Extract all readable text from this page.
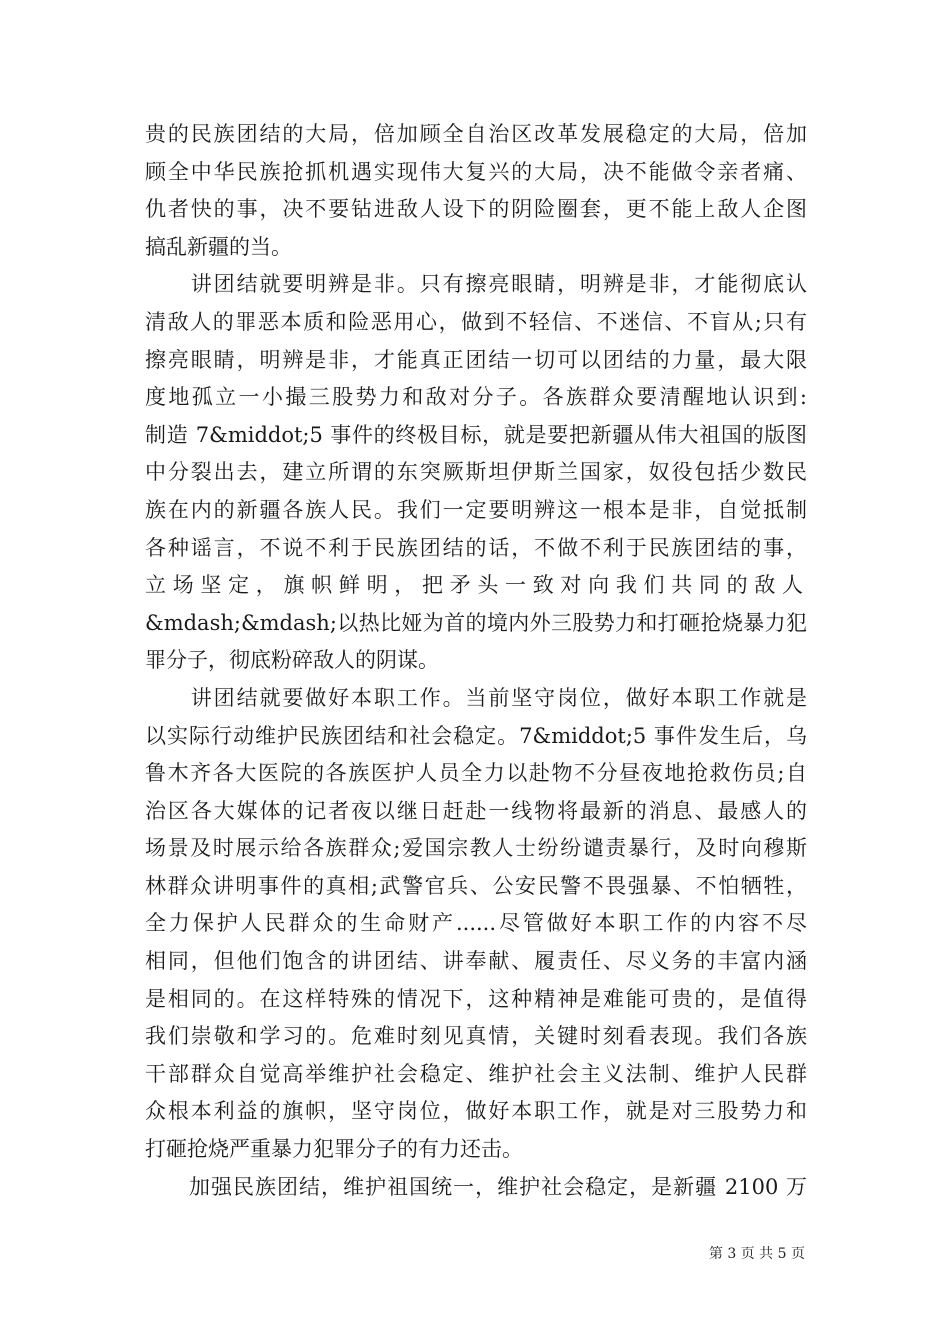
贵的民族团结的大局，倍加顾全自治区改革发展稳定的大局，倍加
顾全中华民族抢抓机遇实现伟大复兴的大局，决不能做令亲者痛、
仇者快的事，决不要钻进敌人设下的阴险圈套，更不能上敌人企图
搞乱新疆的当。
　　讲团结就要明辨是非。只有擦亮眼睛，明辨是非，才能彻底认
清敌人的罪恶本质和险恶用心，做到不轻信、不迷信、不盲从;只有
擦亮眼睛，明辨是非，才能真正团结一切可以团结的力量，最大限
度地孤立一小撮三股势力和敌对分子。各族群众要清醒地认识到:
制造 7&middot;5 事件的终极目标，就是要把新疆从伟大祖国的版图
中分裂出去，建立所谓的东突厥斯坦伊斯兰国家，奴役包括少数民
族在内的新疆各族人民。我们一定要明辨这一根本是非，自觉抵制
各种谣言，不说不利于民族团结的话，不做不利于民族团结的事，
立场坚定，旗帜鲜明，把矛头一致对向我们共同的敌人
&mdash;&mdash;以热比娅为首的境内外三股势力和打砸抢烧暴力犯
罪分子，彻底粉碎敌人的阴谋。
　　讲团结就要做好本职工作。当前坚守岗位，做好本职工作就是
以实际行动维护民族团结和社会稳定。7&middot;5 事件发生后，乌
鲁木齐各大医院的各族医护人员全力以赴物不分昼夜地抢救伤员;自
治区各大媒体的记者夜以继日赶赴一线物将最新的消息、最感人的
场景及时展示给各族群众;爱国宗教人士纷纷谴责暴行，及时向穆斯
林群众讲明事件的真相;武警官兵、公安民警不畏强暴、不怕牺牲，
全力保护人民群众的生命财产......尽管做好本职工作的内容不尽
相同，但他们饱含的讲团结、讲奉献、履责任、尽义务的丰富内涵
是相同的。在这样特殊的情况下，这种精神是难能可贵的，是值得
我们崇敬和学习的。危难时刻见真情，关键时刻看表现。我们各族
干部群众自觉高举维护社会稳定、维护社会主义法制、维护人民群
众根本利益的旗帜，坚守岗位，做好本职工作，就是对三股势力和
打砸抢烧严重暴力犯罪分子的有力还击。
　　加强民族团结，维护祖国统一，维护社会稳定，是新疆 2100 万
第 3 页 共 5 页
